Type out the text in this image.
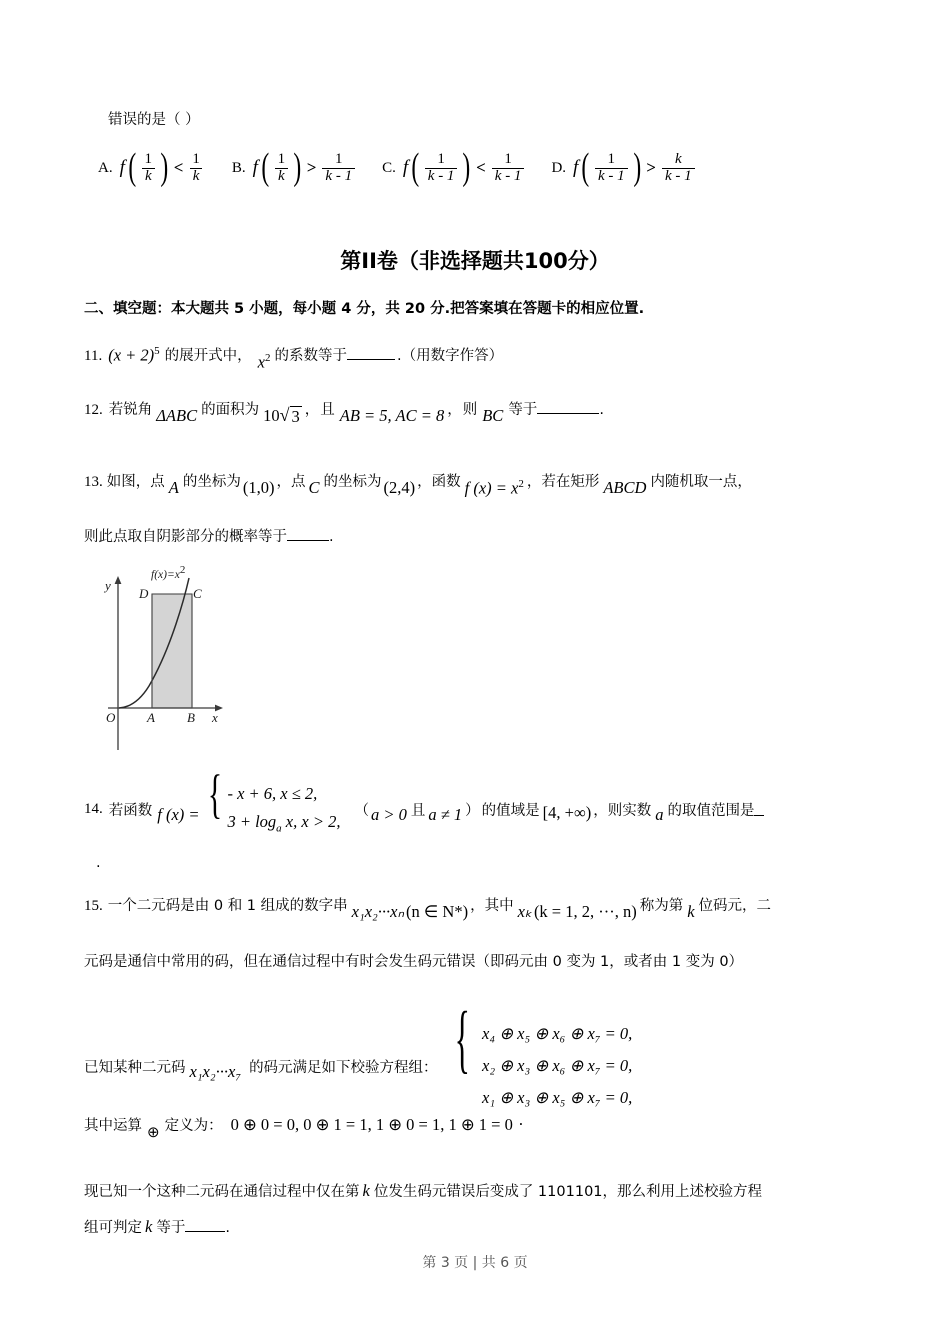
错误的是（ ）
A. f ( $\frac{1}{k}$ ) < $\frac{1}{k} B$. f ( $\frac{1}{k}$ ) > $\frac{1}{k - 1} C$. f ( $\frac{1}{k - 1}$ ) < $\frac{1}{k - 1} D$. f ( $\frac{1}{k - 1}$ ) > $\frac{k}{k - 1}$
第II卷（非选择题共100分）
二、填空题：本大题共 5 小题，每小题 4 分，共 20 分.把答案填在答题卡的相应位置.
11. $(x + 2)^5$ 的展开式中， $x^2$ 的系数等于	.（用数字作答）
12. 若锐角 ΔABC 的面积为 10 √ 3 ， 且 AB = 5, AC = 8 ， 则 BC 等于	.
13. 如图，点 A 的坐标为 (1,0) ，点 C 的坐标为 (2,4) ，函数 f $(x) = x^2$ ，若在矩形 ABCD 内随机取一点，
则此点取自阴影部分的概率等于	.
f(x)=x2
y
x
O A B
C
D
14. 若函数 f (x) = { - x + 6, x ≤ 2,
$3 + \log_a x$, x > 2,
（ a > 0 且 a ≠ 1 ） 的值域是 [4, +∞) ，则实数 a 的取值范围是
.
15. 一个二元码是由 0 和 1 组成的数字串 x₁x₂···xₙ (n ∈ N*) ，其中 xₖ (k = 1, 2, ···, n) 称为第 k 位码元，二
元码是通信中常用的码，但在通信过程中有时会发生码元错误（即码元由 0 变为 1，或者由 1 变为 0）
已知某种二元码 x₁x₂···x₇ 的码元满足如下校验方程组： { x₄ ⊕ x₅ ⊕ x₆ ⊕ x₇ = 0,
x₂ ⊕ x₃ ⊕ x₆ ⊕ x₇ = 0,
x₁ ⊕ x₃ ⊕ x₅ ⊕ x₇ = 0,
其中运算 ⊕ 定义为： 0 ⊕ 0 = 0, 0 ⊕ 1 = 1, 1 ⊕ 0 = 1, 1 ⊕ 1 = 0 .
现已知一个这种二元码在通信过程中仅在第 k 位发生码元错误后变成了 1101101，那么利用上述校验方程
组可判定 k 等于	.
第 3 页 | 共 6 页
